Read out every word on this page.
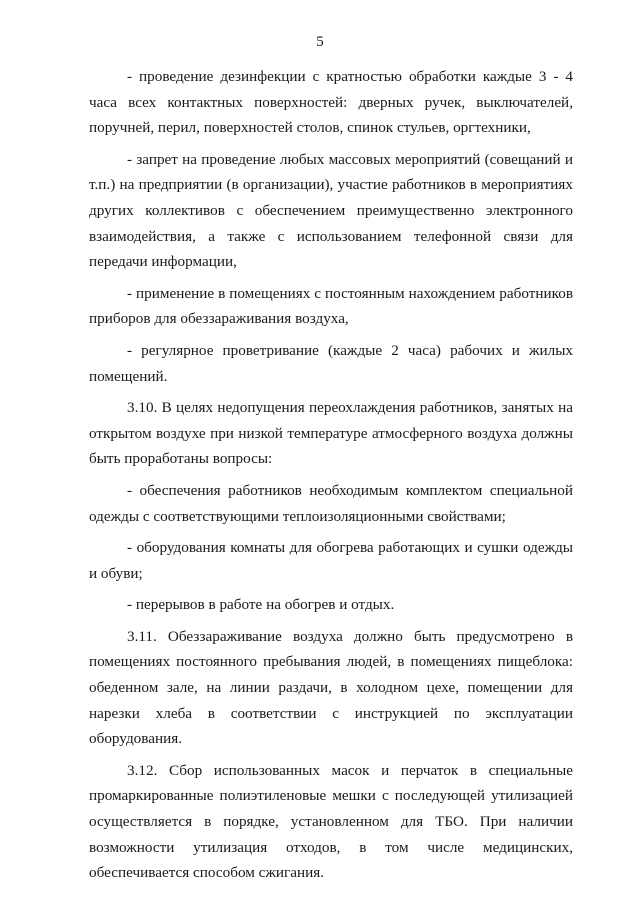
5

- проведение дезинфекции с кратностью обработки каждые 3 - 4 часа всех контактных поверхностей: дверных ручек, выключателей, поручней, перил, поверхностей столов, спинок стульев, оргтехники,

- запрет на проведение любых массовых мероприятий (совещаний и т.п.) на предприятии (в организации), участие работников в мероприятиях других коллективов с обеспечением преимущественно электронного взаимодействия, а также с использованием телефонной связи для передачи информации,

- применение в помещениях с постоянным нахождением работников приборов для обеззараживания воздуха,

- регулярное проветривание (каждые 2 часа) рабочих и жилых помещений.

3.10. В целях недопущения переохлаждения работников, занятых на открытом воздухе при низкой температуре атмосферного воздуха должны быть проработаны вопросы:

- обеспечения работников необходимым комплектом специальной одежды с соответствующими теплоизоляционными свойствами;

- оборудования комнаты для обогрева работающих и сушки одежды и обуви;

- перерывов в работе на обогрев и отдых.

3.11. Обеззараживание воздуха должно быть предусмотрено в помещениях постоянного пребывания людей, в помещениях пищеблока: обеденном зале, на линии раздачи, в холодном цехе, помещении для нарезки хлеба в соответствии с инструкцией по эксплуатации оборудования.

3.12. Сбор использованных масок и перчаток в специальные промаркированные полиэтиленовые мешки с последующей утилизацией осуществляется в порядке, установленном для ТБО. При наличии возможности утилизация отходов, в том числе медицинских, обеспечивается способом сжигания.
